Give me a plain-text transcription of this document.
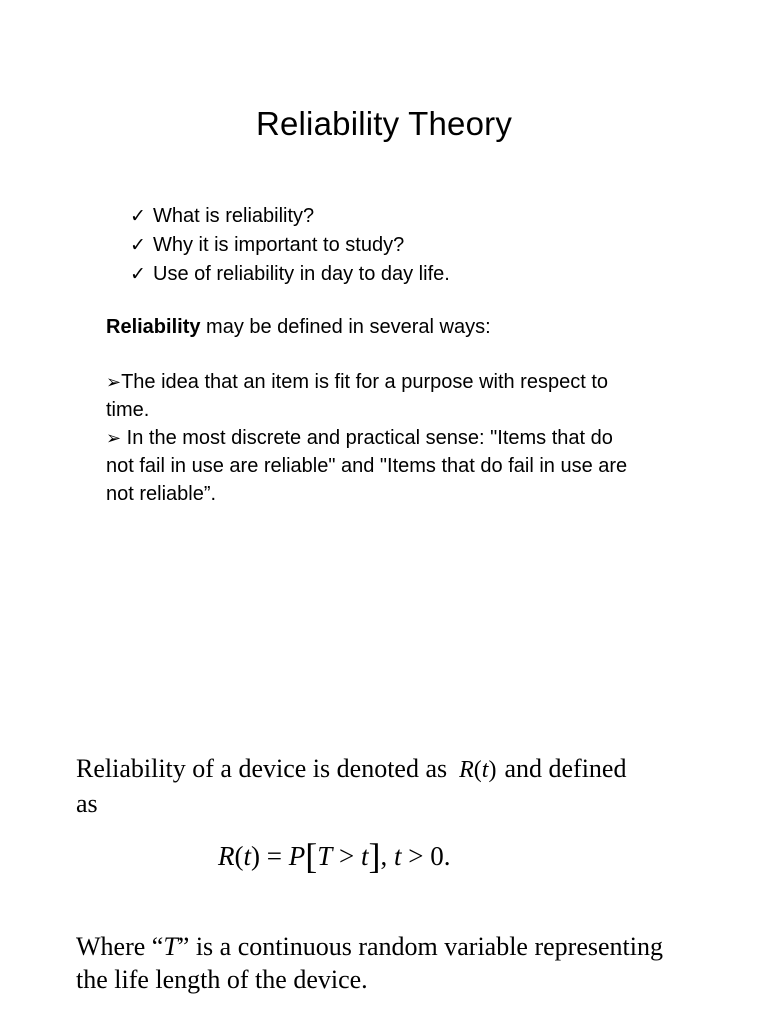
Reliability Theory
✓ What is reliability?
✓ Why it is important to study?
✓ Use of reliability in day to day life.
Reliability may be defined in several ways:

➢The idea that an item is fit for a purpose with respect to time.

➢ In the most discrete and practical sense: "Items that do not fail in use are reliable" and "Items that do fail in use are not reliable”.

Reliability of a device is denoted as R(t) and defined as
R(t) = P[T > t], t > 0.
Where “T” is a continuous random variable representing the life length of the device.
